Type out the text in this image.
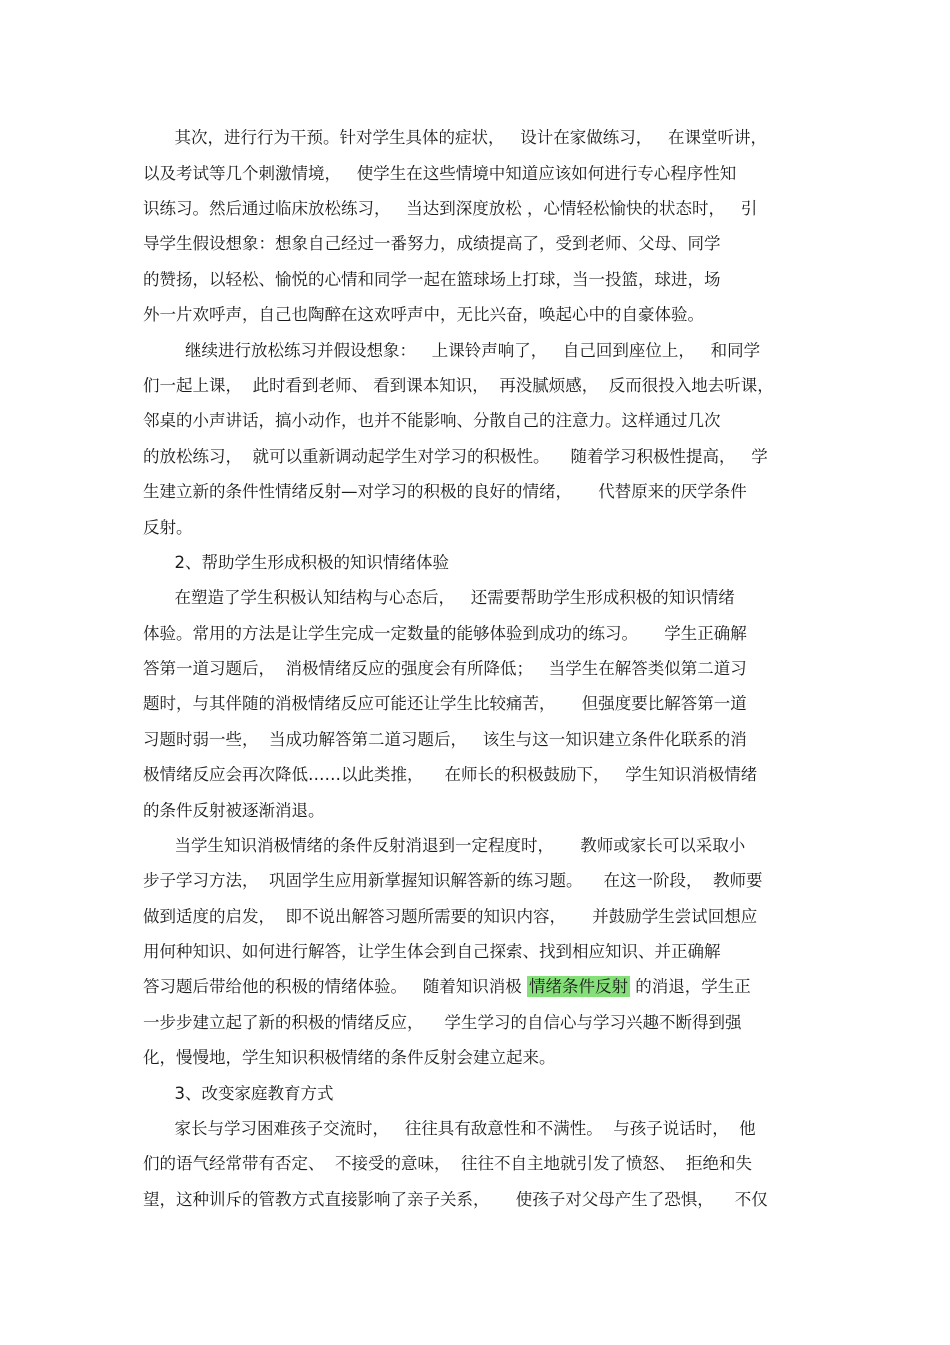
其次，进行行为干预。针对学生具体的症状，   设计在家做练习，   在课堂听讲，
以及考试等几个刺激情境，   使学生在这些情境中知道应该如何进行专心程序性知
识练习。然后通过临床放松练习，   当达到深度放松 ，心情轻松愉快的状态时，   引
导学生假设想象：想象自己经过一番努力，成绩提高了，受到老师、父母、同学
的赞扬，以轻松、愉悦的心情和同学一起在篮球场上打球，当一投篮，球进，场
外一片欢呼声，自己也陶醉在这欢呼声中，无比兴奋，唤起心中的自豪体验。
继续进行放松练习并假设想象：   上课铃声响了，   自己回到座位上，   和同学
们一起上课，  此时看到老师、 看到课本知识，  再没腻烦感，  反而很投入地去听课，
邻桌的小声讲话，搞小动作，也并不能影响、分散自己的注意力。这样通过几次
的放松练习，  就可以重新调动起学生对学习的积极性。    随着学习积极性提高，   学
生建立新的条件性情绪反射—对学习的积极的良好的情绪，     代替原来的厌学条件
反射。
2、帮助学生形成积极的知识情绪体验
在塑造了学生积极认知结构与心态后，   还需要帮助学生形成积极的知识情绪
体验。常用的方法是让学生完成一定数量的能够体验到成功的练习。     学生正确解
答第一道习题后，  消极情绪反应的强度会有所降低；   当学生在解答类似第二道习
题时，与其伴随的消极情绪反应可能还让学生比较痛苦，     但强度要比解答第一道
习题时弱一些，  当成功解答第二道习题后，   该生与这一知识建立条件化联系的消
极情绪反应会再次降低……以此类推，    在师长的积极鼓励下，   学生知识消极情绪
的条件反射被逐渐消退。
当学生知识消极情绪的条件反射消退到一定程度时，     教师或家长可以采取小
步子学习方法，  巩固学生应用新掌握知识解答新的练习题。    在这一阶段，  教师要
做到适度的启发，  即不说出解答习题所需要的知识内容，     并鼓励学生尝试回想应
用何种知识、如何进行解答，让学生体会到自己探索、找到相应知识、并正确解
答习题后带给他的积极的情绪体验。   随着知识消极 情绪条件反射 的消退，学生正
一步步建立起了新的积极的情绪反应，    学生学习的自信心与学习兴趣不断得到强
化，慢慢地，学生知识积极情绪的条件反射会建立起来。
3、改变家庭教育方式
家长与学习困难孩子交流时，   往往具有敌意性和不满性。  与孩子说话时，  他
们的语气经常带有否定、  不接受的意味，  往往不自主地就引发了愤怒、  拒绝和失
望，这种训斥的管教方式直接影响了亲子关系，     使孩子对父母产生了恐惧，    不仅
